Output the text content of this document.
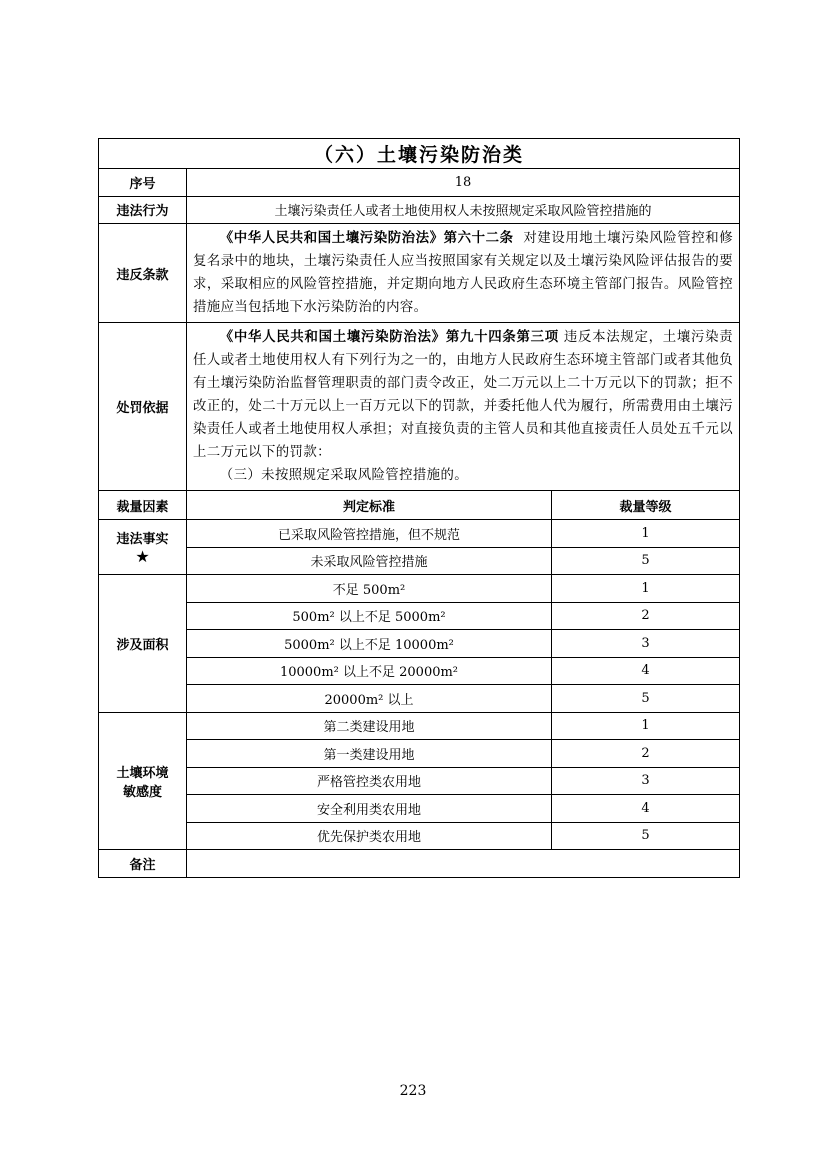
（六）土壤污染防治类		
序号	18	
违法行为	土壤污染责任人或者土地使用权人未按照规定采取风险管控措施的	
违反条款	《中华人民共和国土壤污染防治法》第六十二条 对建设用地土壤污染风险管控和修复名录中的地块，土壤污染责任人应当按照国家有关规定以及土壤污染风险评估报告的要求，采取相应的风险管控措施，并定期向地方人民政府生态环境主管部门报告。风险管控措施应当包括地下水污染防治的内容。	

处罚依据	《中华人民共和国土壤污染防治法》第九十四条第三项 违反本法规定，土壤污染责任人或者土地使用权人有下列行为之一的，由地方人民政府生态环境主管部门或者其他负有土壤污染防治监督管理职责的部门责令改正，处二万元以上二十万元以下的罚款；拒不改正的，处二十万元以上一百万元以下的罚款，并委托他人代为履行，所需费用由土壤污染责任人或者土地使用权人承担；对直接负责的主管人员和其他直接责任人员处五千元以上二万元以下的罚款：

（三）未按照规定采取风险管控措施的。	

裁量因素	判定标准	裁量等级
违法事实
★	已采取风险管控措施，但不规范	1
	未采取风险管控措施	5
涉及面积	不足 500m²	1
	500m² 以上不足 5000m²	2
	5000m² 以上不足 10000m²	3
	10000m² 以上不足 20000m²	4
	20000m² 以上	5
土壤环境敏感度	第二类建设用地	1
	第一类建设用地	2
	严格管控类农用地	3
	安全利用类农用地	4
	优先保护类农用地	5
备注		
223
